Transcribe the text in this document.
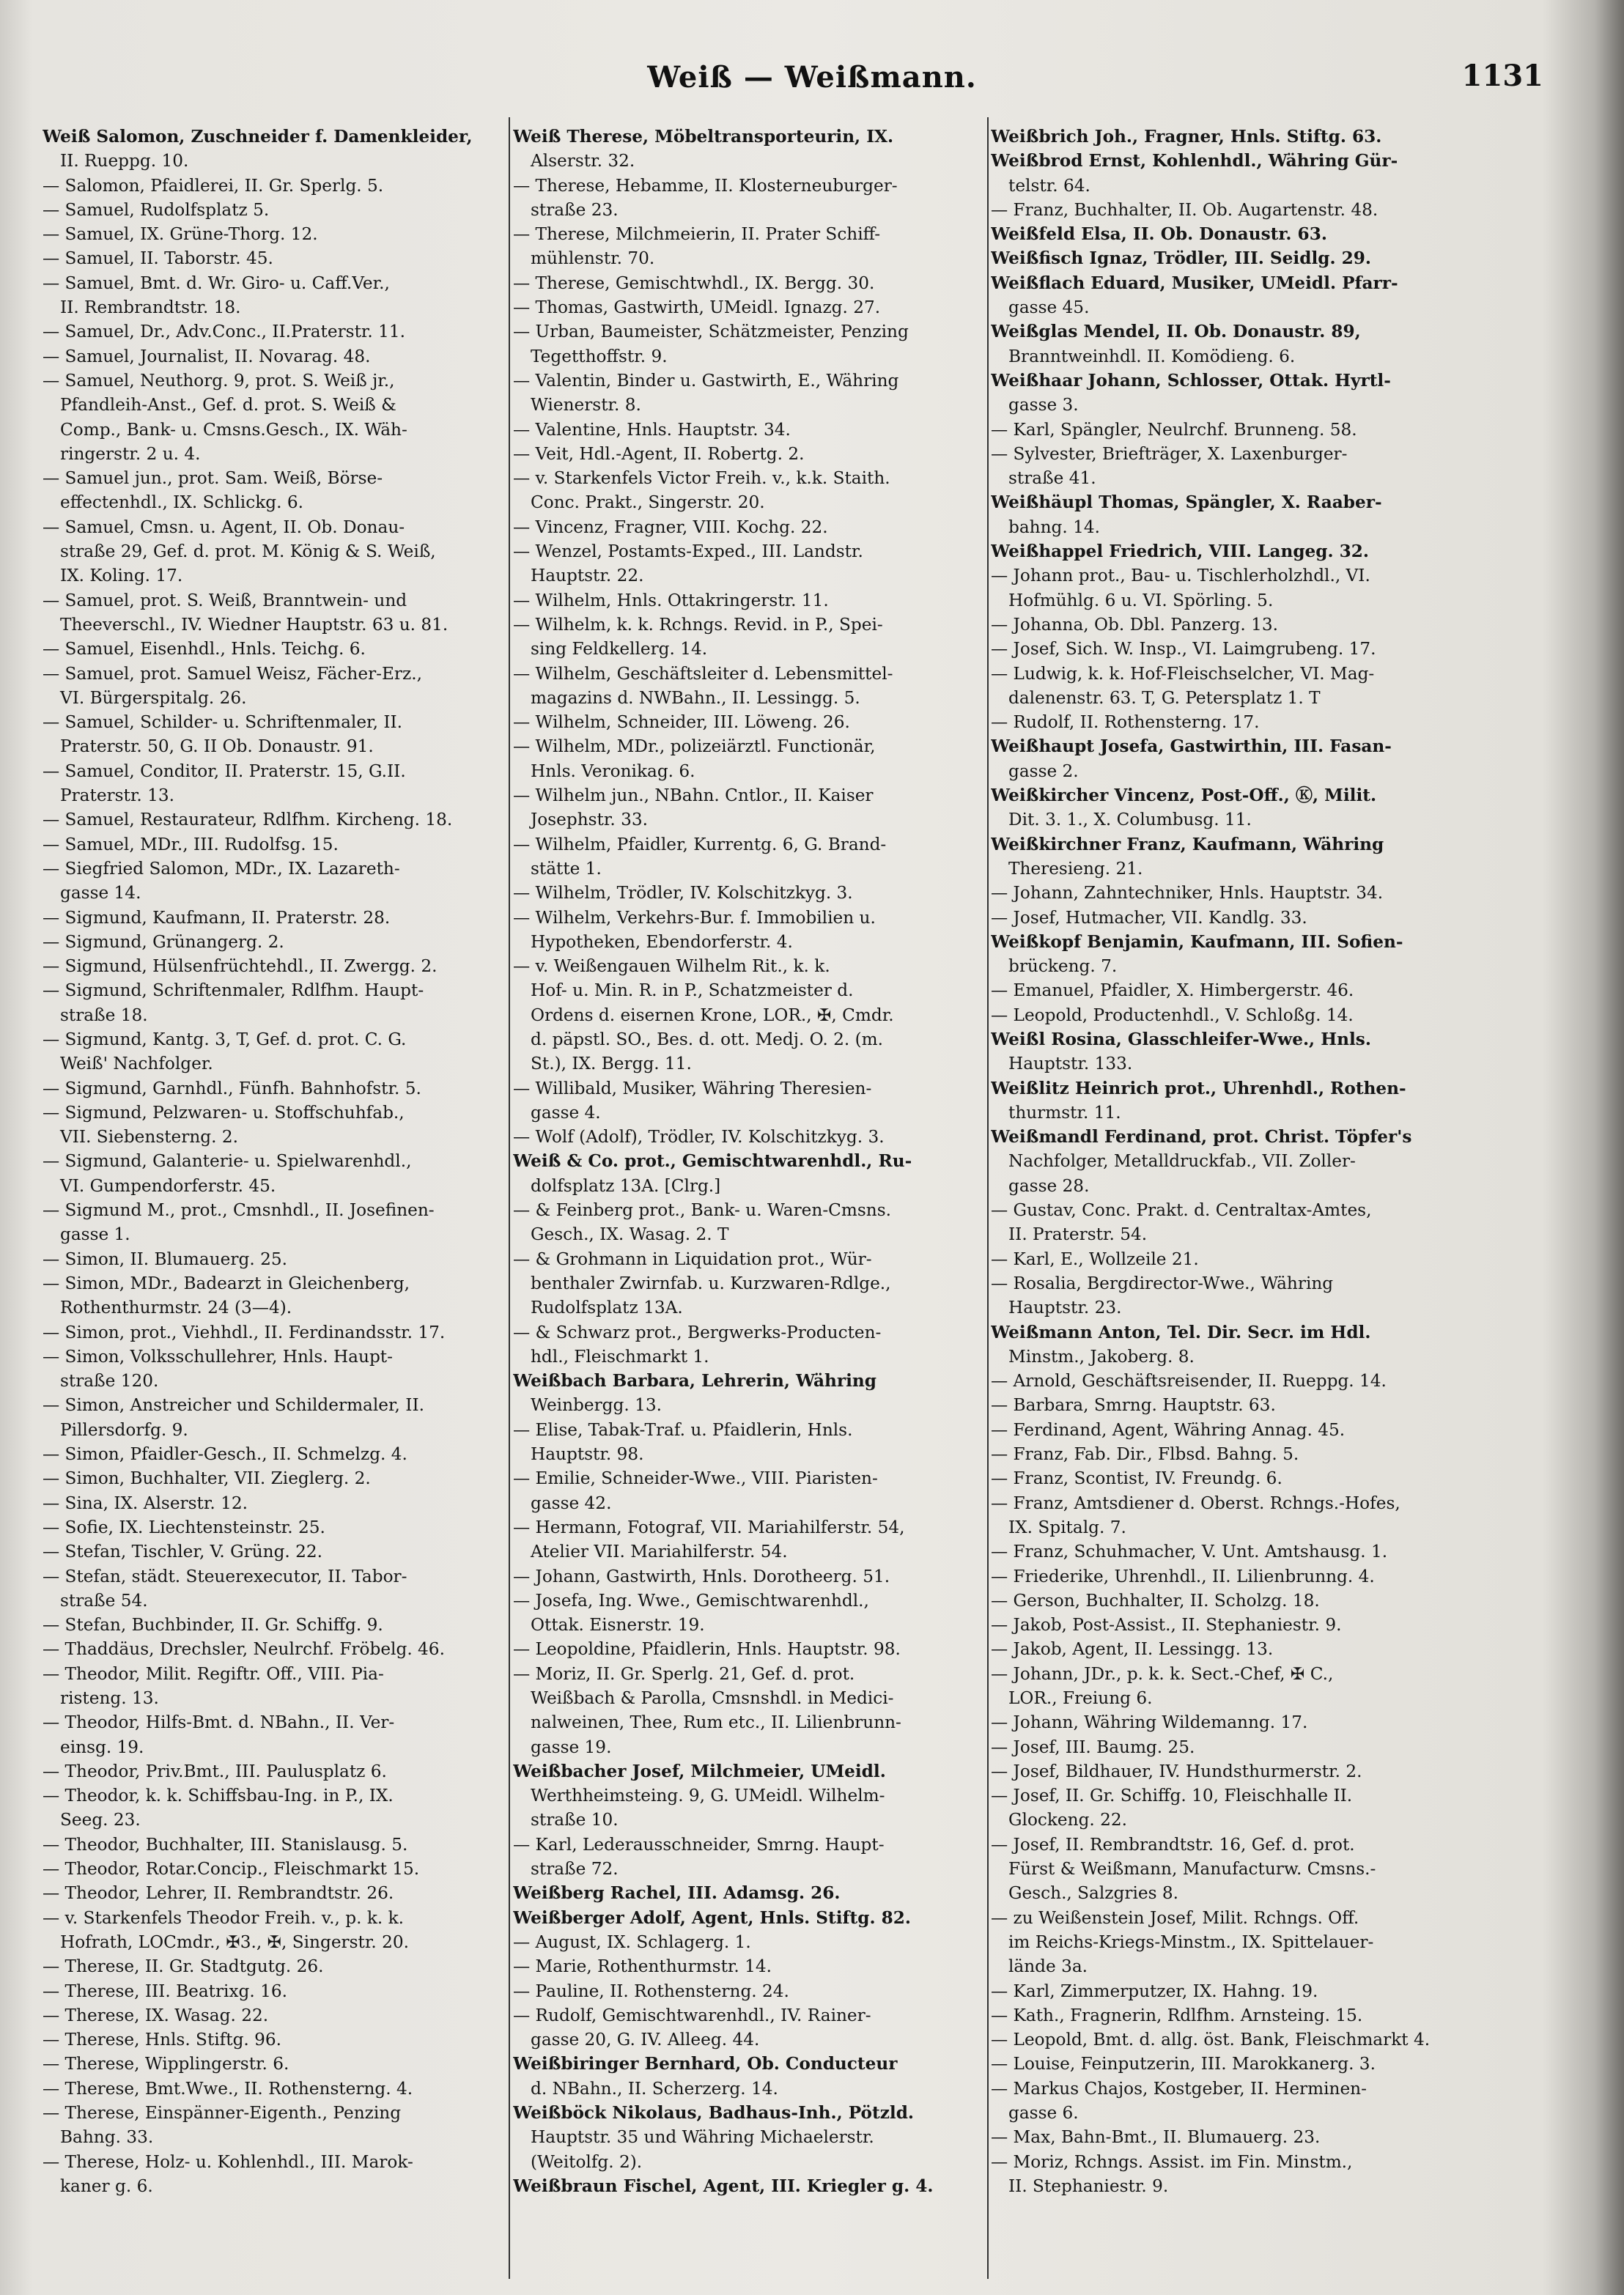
Weiß — Weißmann.	1131
Weiß Salomon, Zuschneider f. Damenkleider,
II. Rueppg. 10.
— Salomon, Pfaidlerei, II. Gr. Sperlg. 5.
— Samuel, Rudolfsplatz 5.
— Samuel, IX. Grüne-Thorg. 12.
— Samuel, II. Taborstr. 45.
— Samuel, Bmt. d. Wr. Giro- u. Caff.Ver.,
II. Rembrandtstr. 18.
— Samuel, Dr., Adv.Conc., II.Praterstr. 11.
— Samuel, Journalist, II. Novarag. 48.
— Samuel, Neuthorg. 9, prot. S. Weiß jr.,
Pfandleih-Anst., Gef. d. prot. S. Weiß &
Comp., Bank- u. Cmsns.Gesch., IX. Wäh-
ringerstr. 2 u. 4.
— Samuel jun., prot. Sam. Weiß, Börse-
effectenhdl., IX. Schlickg. 6.
— Samuel, Cmsn. u. Agent, II. Ob. Donau-
straße 29, Gef. d. prot. M. König & S. Weiß,
IX. Koling. 17.
— Samuel, prot. S. Weiß, Branntwein- und
Theeverschl., IV. Wiedner Hauptstr. 63 u. 81.
— Samuel, Eisenhdl., Hnls. Teichg. 6.
— Samuel, prot. Samuel Weisz, Fächer-Erz.,
VI. Bürgerspitalg. 26.
— Samuel, Schilder- u. Schriftenmaler, II.
Praterstr. 50, G. II Ob. Donaustr. 91.
— Samuel, Conditor, II. Praterstr. 15, G.II.
Praterstr. 13.
— Samuel, Restaurateur, Rdlfhm. Kircheng. 18.
— Samuel, MDr., III. Rudolfsg. 15.
— Siegfried Salomon, MDr., IX. Lazareth-
gasse 14.
— Sigmund, Kaufmann, II. Praterstr. 28.
— Sigmund, Grünangerg. 2.
— Sigmund, Hülsenfrüchtehdl., II. Zwergg. 2.
— Sigmund, Schriftenmaler, Rdlfhm. Haupt-
straße 18.
— Sigmund, Kantg. 3, T, Gef. d. prot. C. G.
Weiß' Nachfolger.
— Sigmund, Garnhdl., Fünfh. Bahnhofstr. 5.
— Sigmund, Pelzwaren- u. Stoffschuhfab.,
VII. Siebensterng. 2.
— Sigmund, Galanterie- u. Spielwarenhdl.,
VI. Gumpendorferstr. 45.
— Sigmund M., prot., Cmsnhdl., II. Josefinen-
gasse 1.
— Simon, II. Blumauerg. 25.
— Simon, MDr., Badearzt in Gleichenberg,
Rothenthurmstr. 24 (3—4).
— Simon, prot., Viehhdl., II. Ferdinandsstr. 17.
— Simon, Volksschullehrer, Hnls. Haupt-
straße 120.
— Simon, Anstreicher und Schildermaler, II.
Pillersdorfg. 9.
— Simon, Pfaidler-Gesch., II. Schmelzg. 4.
— Simon, Buchhalter, VII. Zieglerg. 2.
— Sina, IX. Alserstr. 12.
— Sofie, IX. Liechtensteinstr. 25.
— Stefan, Tischler, V. Grüng. 22.
— Stefan, städt. Steuerexecutor, II. Tabor-
straße 54.
— Stefan, Buchbinder, II. Gr. Schiffg. 9.
— Thaddäus, Drechsler, Neulrchf. Fröbelg. 46.
— Theodor, Milit. Regiftr. Off., VIII. Pia-
risteng. 13.
— Theodor, Hilfs-Bmt. d. NBahn., II. Ver-
einsg. 19.
— Theodor, Priv.Bmt., III. Paulusplatz 6.
— Theodor, k. k. Schiffsbau-Ing. in P., IX.
Seeg. 23.
— Theodor, Buchhalter, III. Stanislausg. 5.
— Theodor, Rotar.Concip., Fleischmarkt 15.
— Theodor, Lehrer, II. Rembrandtstr. 26.
— v. Starkenfels Theodor Freih. v., p. k. k.
Hofrath, LOCmdr., ✠3., ✠, Singerstr. 20.
— Therese, II. Gr. Stadtgutg. 26.
— Therese, III. Beatrixg. 16.
— Therese, IX. Wasag. 22.
— Therese, Hnls. Stiftg. 96.
— Therese, Wipplingerstr. 6.
— Therese, Bmt.Wwe., II. Rothensterng. 4.
— Therese, Einspänner-Eigenth., Penzing
Bahng. 33.
— Therese, Holz- u. Kohlenhdl., III. Marok-
kaner g. 6.
Weiß Therese, Möbeltransporteurin, IX.
Alserstr. 32.
— Therese, Hebamme, II. Klosterneuburger-
straße 23.
— Therese, Milchmeierin, II. Prater Schiff-
mühlenstr. 70.
— Therese, Gemischtwhdl., IX. Bergg. 30.
— Thomas, Gastwirth, UMeidl. Ignazg. 27.
— Urban, Baumeister, Schätzmeister, Penzing
Tegetthoffstr. 9.
— Valentin, Binder u. Gastwirth, E., Währing
Wienerstr. 8.
— Valentine, Hnls. Hauptstr. 34.
— Veit, Hdl.-Agent, II. Robertg. 2.
— v. Starkenfels Victor Freih. v., k.k. Staith.
Conc. Prakt., Singerstr. 20.
— Vincenz, Fragner, VIII. Kochg. 22.
— Wenzel, Postamts-Exped., III. Landstr.
Hauptstr. 22.
— Wilhelm, Hnls. Ottakringerstr. 11.
— Wilhelm, k. k. Rchngs. Revid. in P., Spei-
sing Feldkellerg. 14.
— Wilhelm, Geschäftsleiter d. Lebensmittel-
magazins d. NWBahn., II. Lessingg. 5.
— Wilhelm, Schneider, III. Löweng. 26.
— Wilhelm, MDr., polizeiärztl. Functionär,
Hnls. Veronikag. 6.
— Wilhelm jun., NBahn. Cntlor., II. Kaiser
Josephstr. 33.
— Wilhelm, Pfaidler, Kurrentg. 6, G. Brand-
stätte 1.
— Wilhelm, Trödler, IV. Kolschitzkyg. 3.
— Wilhelm, Verkehrs-Bur. f. Immobilien u.
Hypotheken, Ebendorferstr. 4.
— v. Weißengauen Wilhelm Rit., k. k.
Hof- u. Min. R. in P., Schatzmeister d.
Ordens d. eisernen Krone, LOR., ✠, Cmdr.
d. päpstl. SO., Bes. d. ott. Medj. O. 2. (m.
St.), IX. Bergg. 11.
— Willibald, Musiker, Währing Theresien-
gasse 4.
— Wolf (Adolf), Trödler, IV. Kolschitzkyg. 3.
Weiß & Co. prot., Gemischtwarenhdl., Ru-
dolfsplatz 13A. [Clrg.]
— & Feinberg prot., Bank- u. Waren-Cmsns.
Gesch., IX. Wasag. 2. T
— & Grohmann in Liquidation prot., Wür-
benthaler Zwirnfab. u. Kurzwaren-Rdlge.,
Rudolfsplatz 13A.
— & Schwarz prot., Bergwerks-Producten-
hdl., Fleischmarkt 1.
Weißbach Barbara, Lehrerin, Währing
Weinbergg. 13.
— Elise, Tabak-Traf. u. Pfaidlerin, Hnls.
Hauptstr. 98.
— Emilie, Schneider-Wwe., VIII. Piaristen-
gasse 42.
— Hermann, Fotograf, VII. Mariahilferstr. 54,
Atelier VII. Mariahilferstr. 54.
— Johann, Gastwirth, Hnls. Dorotheerg. 51.
— Josefa, Ing. Wwe., Gemischtwarenhdl.,
Ottak. Eisnerstr. 19.
— Leopoldine, Pfaidlerin, Hnls. Hauptstr. 98.
— Moriz, II. Gr. Sperlg. 21, Gef. d. prot.
Weißbach & Parolla, Cmsnshdl. in Medici-
nalweinen, Thee, Rum etc., II. Lilienbrunn-
gasse 19.
Weißbacher Josef, Milchmeier, UMeidl.
Werthheimsteing. 9, G. UMeidl. Wilhelm-
straße 10.
— Karl, Lederausschneider, Smrng. Haupt-
straße 72.
Weißberg Rachel, III. Adamsg. 26.
Weißberger Adolf, Agent, Hnls. Stiftg. 82.
— August, IX. Schlagerg. 1.
— Marie, Rothenthurmstr. 14.
— Pauline, II. Rothensterng. 24.
— Rudolf, Gemischtwarenhdl., IV. Rainer-
gasse 20, G. IV. Alleeg. 44.
Weißbiringer Bernhard, Ob. Conducteur
d. NBahn., II. Scherzerg. 14.
Weißböck Nikolaus, Badhaus-Inh., Pötzld.
Hauptstr. 35 und Währing Michaelerstr.
(Weitolfg. 2).
Weißbraun Fischel, Agent, III. Kriegler g. 4.
Weißbrich Joh., Fragner, Hnls. Stiftg. 63.
Weißbrod Ernst, Kohlenhdl., Währing Gür-
telstr. 64.
— Franz, Buchhalter, II. Ob. Augartenstr. 48.
Weißfeld Elsa, II. Ob. Donaustr. 63.
Weißfisch Ignaz, Trödler, III. Seidlg. 29.
Weißflach Eduard, Musiker, UMeidl. Pfarr-
gasse 45.
Weißglas Mendel, II. Ob. Donaustr. 89,
Branntweinhdl. II. Komödieng. 6.
Weißhaar Johann, Schlosser, Ottak. Hyrtl-
gasse 3.
— Karl, Spängler, Neulrchf. Brunneng. 58.
— Sylvester, Briefträger, X. Laxenburger-
straße 41.
Weißhäupl Thomas, Spängler, X. Raaber-
bahng. 14.
Weißhappel Friedrich, VIII. Langeg. 32.
— Johann prot., Bau- u. Tischlerholzhdl., VI.
Hofmühlg. 6 u. VI. Spörling. 5.
— Johanna, Ob. Dbl. Panzerg. 13.
— Josef, Sich. W. Insp., VI. Laimgrubeng. 17.
— Ludwig, k. k. Hof-Fleischselcher, VI. Mag-
dalenenstr. 63. T, G. Petersplatz 1. T
— Rudolf, II. Rothensterng. 17.
Weißhaupt Josefa, Gastwirthin, III. Fasan-
gasse 2.
Weißkircher Vincenz, Post-Off., Ⓚ, Milit.
Dit. 3. 1., X. Columbusg. 11.
Weißkirchner Franz, Kaufmann, Währing
Theresieng. 21.
— Johann, Zahntechniker, Hnls. Hauptstr. 34.
— Josef, Hutmacher, VII. Kandlg. 33.
Weißkopf Benjamin, Kaufmann, III. Sofien-
brückeng. 7.
— Emanuel, Pfaidler, X. Himbergerstr. 46.
— Leopold, Productenhdl., V. Schloßg. 14.
Weißl Rosina, Glasschleifer-Wwe., Hnls.
Hauptstr. 133.
Weißlitz Heinrich prot., Uhrenhdl., Rothen-
thurmstr. 11.
Weißmandl Ferdinand, prot. Christ. Töpfer's
Nachfolger, Metalldruckfab., VII. Zoller-
gasse 28.
— Gustav, Conc. Prakt. d. Centraltax-Amtes,
II. Praterstr. 54.
— Karl, E., Wollzeile 21.
— Rosalia, Bergdirector-Wwe., Währing
Hauptstr. 23.
Weißmann Anton, Tel. Dir. Secr. im Hdl.
Minstm., Jakoberg. 8.
— Arnold, Geschäftsreisender, II. Rueppg. 14.
— Barbara, Smrng. Hauptstr. 63.
— Ferdinand, Agent, Währing Annag. 45.
— Franz, Fab. Dir., Flbsd. Bahng. 5.
— Franz, Scontist, IV. Freundg. 6.
— Franz, Amtsdiener d. Oberst. Rchngs.-Hofes,
IX. Spitalg. 7.
— Franz, Schuhmacher, V. Unt. Amtshausg. 1.
— Friederike, Uhrenhdl., II. Lilienbrunng. 4.
— Gerson, Buchhalter, II. Scholzg. 18.
— Jakob, Post-Assist., II. Stephaniestr. 9.
— Jakob, Agent, II. Lessingg. 13.
— Johann, JDr., p. k. k. Sect.-Chef, ✠ C.,
LOR., Freiung 6.
— Johann, Währing Wildemanng. 17.
— Josef, III. Baumg. 25.
— Josef, Bildhauer, IV. Hundsthurmerstr. 2.
— Josef, II. Gr. Schiffg. 10, Fleischhalle II.
Glockeng. 22.
— Josef, II. Rembrandtstr. 16, Gef. d. prot.
Fürst & Weißmann, Manufacturw. Cmsns.-
Gesch., Salzgries 8.
— zu Weißenstein Josef, Milit. Rchngs. Off.
im Reichs-Kriegs-Minstm., IX. Spittelauer-
lände 3a.
— Karl, Zimmerputzer, IX. Hahng. 19.
— Kath., Fragnerin, Rdlfhm. Arnsteing. 15.
— Leopold, Bmt. d. allg. öst. Bank, Fleischmarkt 4.
— Louise, Feinputzerin, III. Marokkanerg. 3.
— Markus Chajos, Kostgeber, II. Herminen-
gasse 6.
— Max, Bahn-Bmt., II. Blumauerg. 23.
— Moriz, Rchngs. Assist. im Fin. Minstm.,
II. Stephaniestr. 9.
